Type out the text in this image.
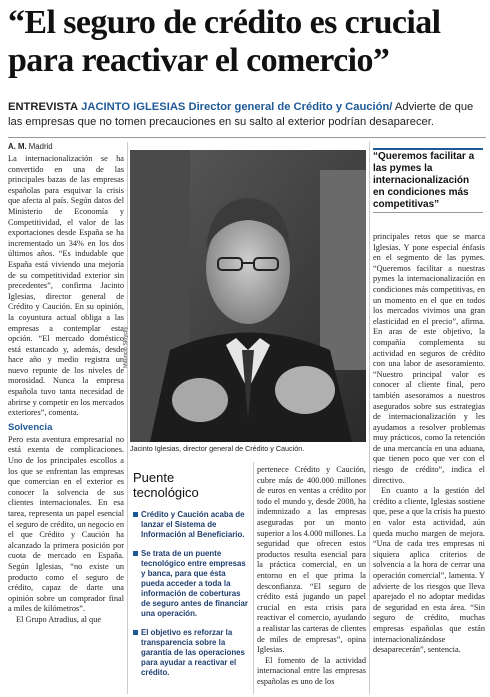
“El seguro de crédito es crucial para reactivar el comercio”
ENTREVISTA JACINTO IGLESIAS Director general de Crédito y Caución/ Advierte de que las empresas que no tomen precauciones en su salto al exterior podrían desaparecer.
A. M. Madrid

La internacionalización se ha convertido en una de las principales bazas de las empresas españolas para esquivar la crisis que afecta al país. Según datos del Ministerio de Economía y Competitividad, el valor de las exportaciones desde España se ha incrementado un 34% en los dos últimos años. “Es indudable que España está viviendo una mejoría de su competitividad exterior sin precedentes”, confirma Jacinto Iglesias, director general de Crédito y Caución. En su opinión, la coyuntura actual obliga a las empresas a contemplar esta opción. “El mercado doméstico está estancado y, además, desde hace año y medio registra un nuevo repunte de los niveles de morosidad. Nunca la empresa española tuvo tanta necesidad de abrirse y competir en los mercados exteriores”, comenta.

Solvencia

Pero esta aventura empresarial no está exenta de complicaciones. Uno de los principales escollos a los que se enfrentan las empresas que comercian en el exterior es conocer la solvencia de sus clientes internacionales. En esa tarea, representa un papel esencial el seguro de crédito, un negocio en el que Crédito y Caución ha alcanzado la primera posición por cuota de mercado en España. Según Iglesias, “no existe un producto como el seguro de crédito, capaz de darte una opinión sobre un comprador final a miles de kilómetros”.

El Grupo Atradius, al que

Mauricio Skrycky
Jacinto Iglesias, director general de Crédito y Caución.
Puente
tecnológico
Crédito y Caución acaba de lanzar el Sistema de Información al Beneficiario.
Se trata de un puente tecnológico entre empresas y banca, para que ésta pueda acceder a toda la información de coberturas de seguro antes de financiar una operación.
El objetivo es reforzar la transparencia sobre la garantía de las operaciones para ayudar a reactivar el crédito.

pertenece Crédito y Caución, cubre más de 400.000 millones de euros en ventas a crédito por todo el mundo y, desde 2008, ha indemnizado a las empresas aseguradas por un monto superior a los 4.000 millones. La seguridad que ofrecen estos productos resulta esencial para la práctica comercial, en un entorno en el que prima la desconfianza. “El seguro de crédito está jugando un papel crucial en esta crisis para reactivar el comercio, ayudando a realistar las carteras de clientes de miles de empresas”, opina Iglesias.

El fomento de la actividad internacional entre las empresas españolas es uno de los

“Queremos facilitar a las pymes la internacionalización en condiciones más competitivas”

principales retos que se marca Iglesias. Y pone especial énfasis en el segmento de las pymes. “Queremos facilitar a nuestras pymes la internacionalización en condiciones más competitivas, en un momento en el que en todos los mercados vivimos una gran elasticidad en el precio”, afirma. En aras de este objetivo, la compañía complementa su actividad en seguros de crédito con una labor de asesoramiento. “Nuestro principal valor es conocer al cliente final, pero también asesoramos a nuestros asegurados sobre sus estrategias de internacionalización y les ayudamos a resolver problemas muy prácticos, como la retención de una mercancía en una aduana, que tienen poco que ver con el riesgo de crédito”, indica el directivo.

En cuanto a la gestión del crédito a cliente, Iglesias sostiene que, pese a que la crisis ha puesto en valor esta actividad, aún queda mucho margen de mejora. “Una de cada tres empresas ni siquiera aplica criterios de solvencia a la hora de cerrar una operación comercial”, lamenta. Y advierte de los riesgos que lleva aparejado el no adoptar medidas de seguridad en esta área. “Sin seguro de crédito, muchas empresas españolas que están internacionalizándose desaparecerán”, sentencia.
